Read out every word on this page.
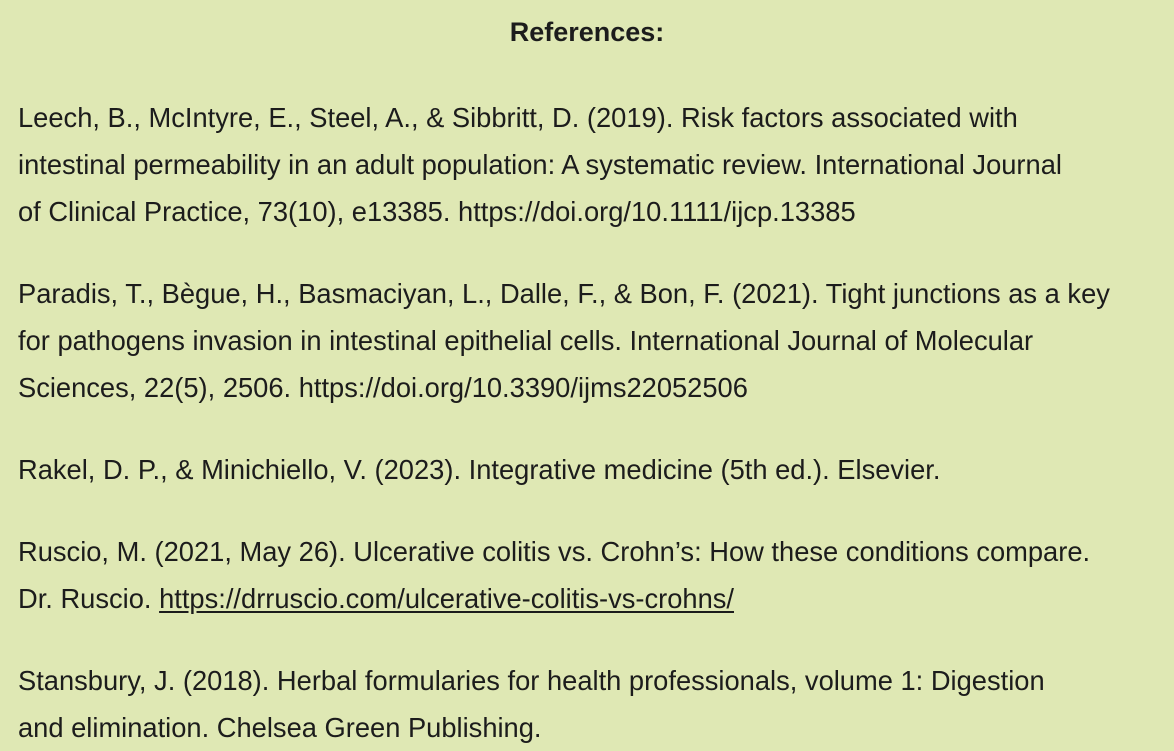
References:

Leech, B., McIntyre, E., Steel, A., & Sibbritt, D. (2019). Risk factors associated with
intestinal permeability in an adult population: A systematic review. International Journal
of Clinical Practice, 73(10), e13385. https://doi.org/10.1111/ijcp.13385

Paradis, T., Bègue, H., Basmaciyan, L., Dalle, F., & Bon, F. (2021). Tight junctions as a key
for pathogens invasion in intestinal epithelial cells. International Journal of Molecular
Sciences, 22(5), 2506. https://doi.org/10.3390/ijms22052506

Rakel, D. P., & Minichiello, V. (2023). Integrative medicine (5th ed.). Elsevier.

Ruscio, M. (2021, May 26). Ulcerative colitis vs. Crohn’s: How these conditions compare.
Dr. Ruscio. https://drruscio.com/ulcerative-colitis-vs-crohns/

Stansbury, J. (2018). Herbal formularies for health professionals, volume 1: Digestion
and elimination. Chelsea Green Publishing.
